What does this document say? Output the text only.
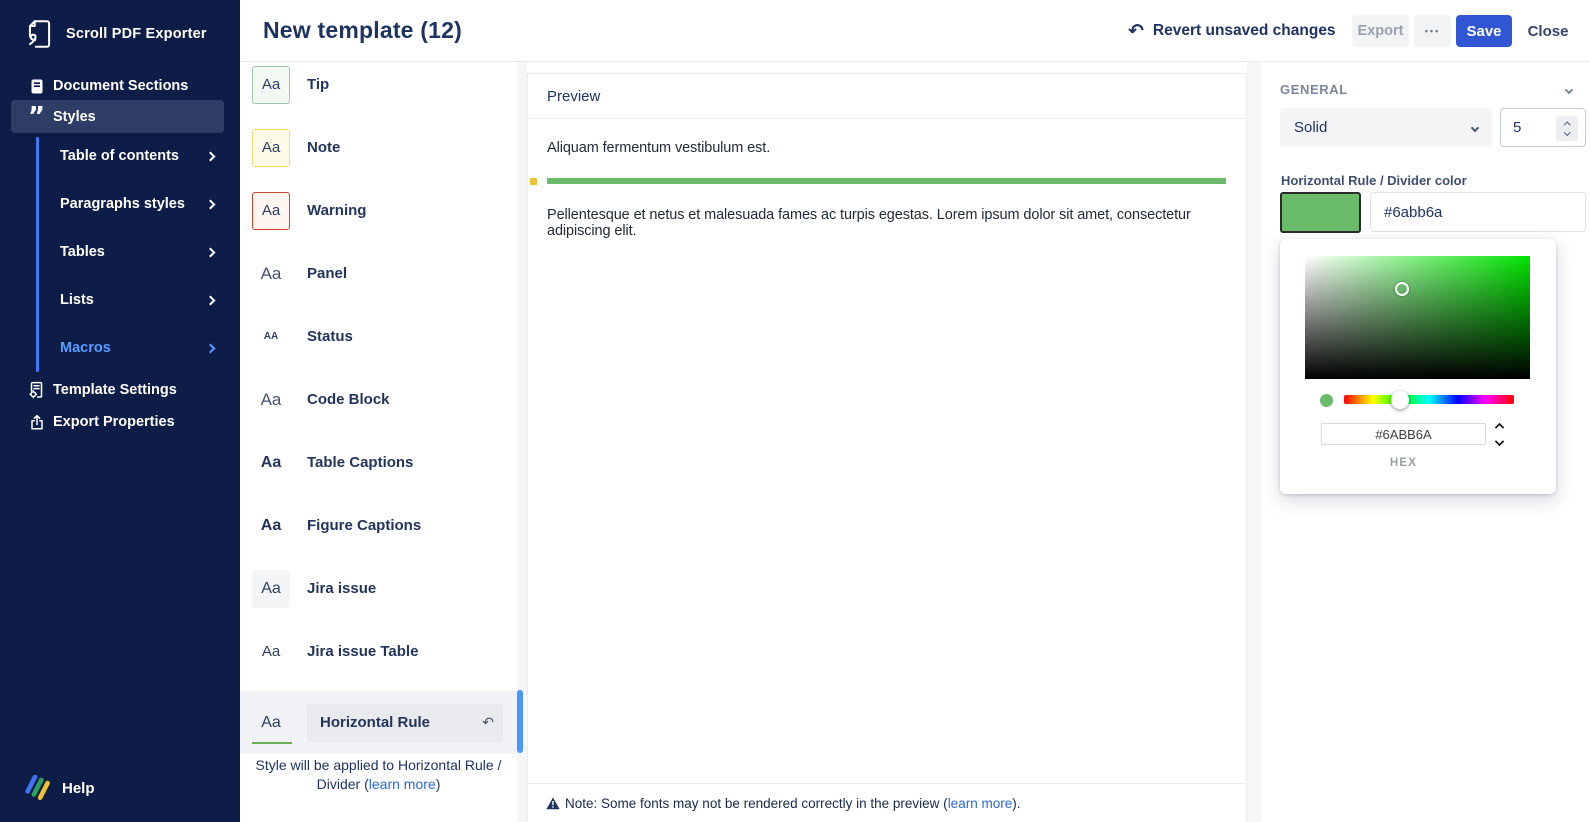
Scroll PDF Exporter
Document Sections
” Styles
Table of contents
Paragraphs styles
Tables
Lists
Macros
Template Settings
Export Properties
Help
New template (12)	↶ Revert unsaved changes	Export	•••	Save	Close
Aa	Tip
Aa	Note
Aa	Warning
Aa	Panel
AA	Status
Aa	Code Block
Aa	Table Captions
Aa	Figure Captions
Aa	Jira issue
Aa	Jira issue Table
Aa	Horizontal Rule	↶
Style will be applied to Horizontal Rule / Divider (learn more)
Preview
Aliquam fermentum vestibulum est.
Pellentesque et netus et malesuada fames ac turpis egestas. Lorem ipsum dolor sit amet, consectetur adipiscing elit.
Note: Some fonts may not be rendered correctly in the preview (learn more).
GENERAL
Solid
5
Horizontal Rule / Divider color
#6abb6a
#6ABB6A
HEX
